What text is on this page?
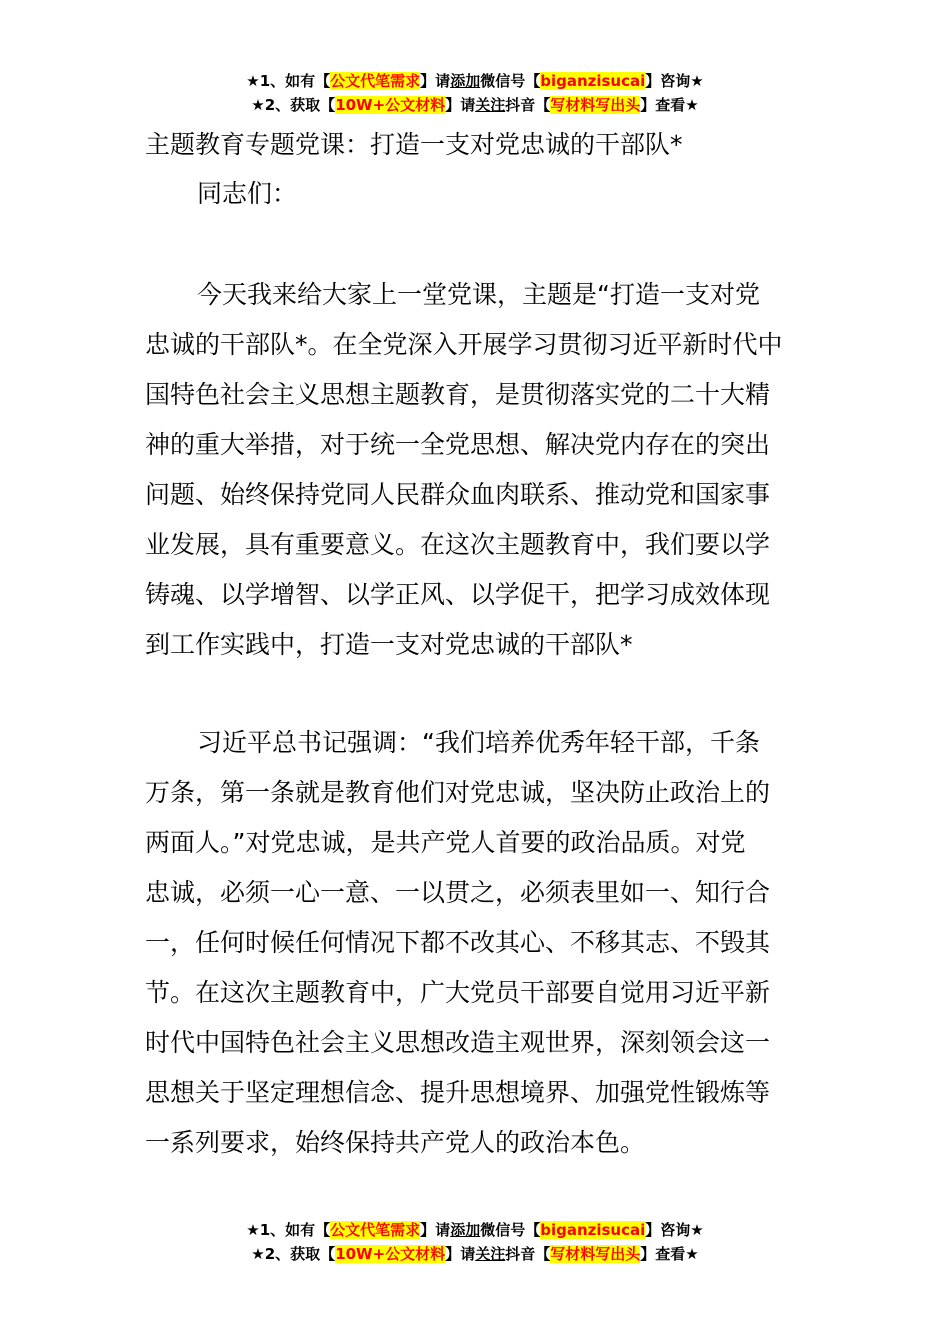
★1、如有【公文代笔需求】请添加微信号【biganzisucai】咨询★
★2、获取【10W+公文材料】请关注抖音【写材料写出头】查看★
主题教育专题党课：打造一支对党忠诚的干部队*
同志们：
今天我来给大家上一堂党课，主题是“打造一支对党
忠诚的干部队*。在全党深入开展学习贯彻习近平新时代中
国特色社会主义思想主题教育，是贯彻落实党的二十大精
神的重大举措，对于统一全党思想、解决党内存在的突出
问题、始终保持党同人民群众血肉联系、推动党和国家事
业发展，具有重要意义。在这次主题教育中，我们要以学
铸魂、以学增智、以学正风、以学促干，把学习成效体现
到工作实践中，打造一支对党忠诚的干部队*
习近平总书记强调：“我们培养优秀年轻干部，千条
万条，第一条就是教育他们对党忠诚，坚决防止政治上的
两面人。”对党忠诚，是共产党人首要的政治品质。对党
忠诚，必须一心一意、一以贯之，必须表里如一、知行合
一，任何时候任何情况下都不改其心、不移其志、不毁其
节。在这次主题教育中，广大党员干部要自觉用习近平新
时代中国特色社会主义思想改造主观世界，深刻领会这一
思想关于坚定理想信念、提升思想境界、加强党性锻炼等
一系列要求，始终保持共产党人的政治本色。
★1、如有【公文代笔需求】请添加微信号【biganzisucai】咨询★
★2、获取【10W+公文材料】请关注抖音【写材料写出头】查看★
